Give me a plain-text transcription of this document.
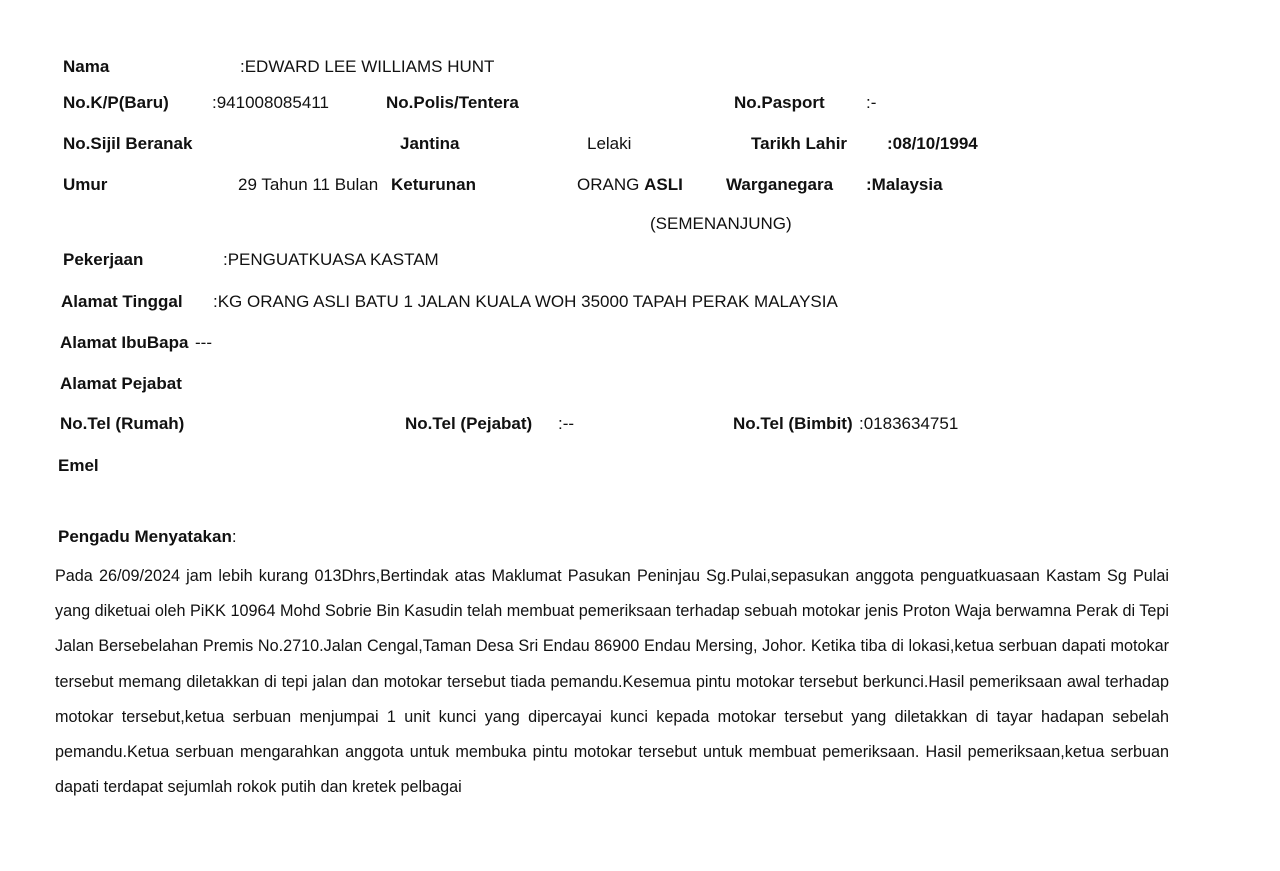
Nama	:EDWARD LEE WILLIAMS HUNT
No.K/P(Baru)	:941008085411	No.Polis/Tentera	No.Pasport :-
No.Sijil Beranak	Jantina	Lelaki	Tarikh Lahir :08/10/1994
Umur	29 Tahun 11 Bulan Keturunan	ORANG ASLI	Warganegara :Malaysia
(SEMENANJUNG)
Pekerjaan	:PENGUATKUASA KASTAM
Alamat Tinggal :KG ORANG ASLI BATU 1 JALAN KUALA WOH 35000 TAPAH PERAK MALAYSIA
Alamat IbuBapa ---
Alamat Pejabat
No.Tel (Rumah)	No.Tel (Pejabat) :--	No.Tel (Bimbit) :0183634751
Emel
Pengadu Menyatakan:

Pada 26/09/2024 jam lebih kurang 013Dhrs,Bertindak atas Maklumat Pasukan Peninjau Sg.Pulai,sepasukan anggota penguatkuasaan Kastam Sg Pulai yang diketuai oleh PiKK 10964 Mohd Sobrie Bin Kasudin telah membuat pemeriksaan terhadap sebuah motokar jenis Proton Waja berwamna Perak di Tepi Jalan Bersebelahan Premis No.2710.Jalan Cengal,Taman Desa Sri Endau 86900 Endau Mersing, Johor. Ketika tiba di lokasi,ketua serbuan dapati motokar tersebut memang diletakkan di tepi jalan dan motokar tersebut tiada pemandu.Kesemua pintu motokar tersebut berkunci.Hasil pemeriksaan awal terhadap motokar tersebut,ketua serbuan menjumpai 1 unit kunci yang dipercayai kunci kepada motokar tersebut yang diletakkan di tayar hadapan sebelah pemandu.Ketua serbuan mengarahkan anggota untuk membuka pintu motokar tersebut untuk membuat pemeriksaan. Hasil pemeriksaan,ketua serbuan dapati terdapat sejumlah rokok putih dan kretek pelbagai
